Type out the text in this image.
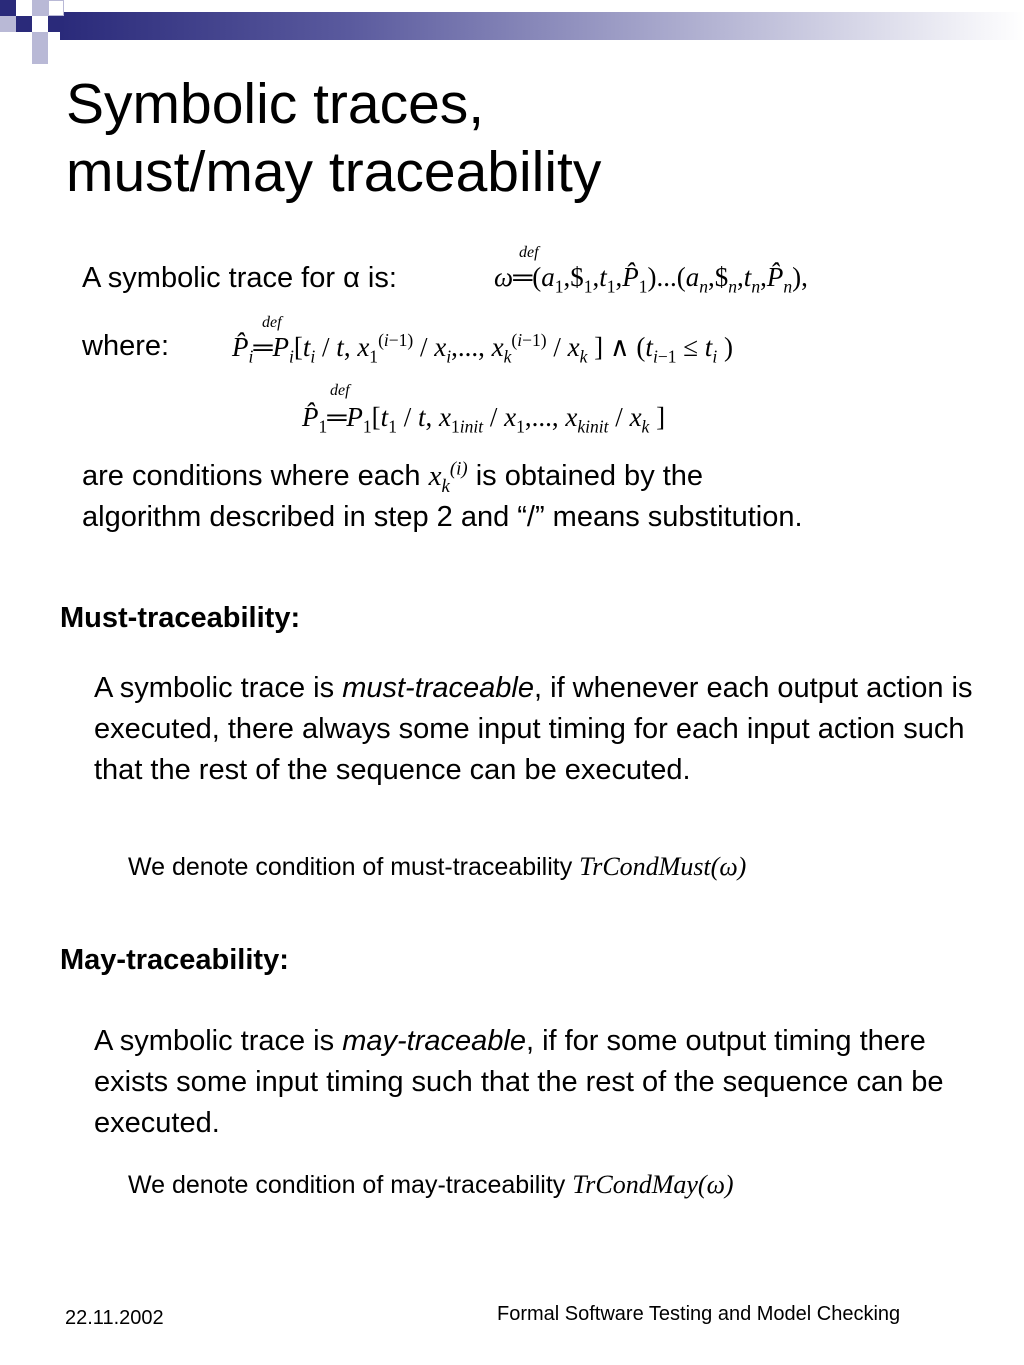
Symbolic traces,
must/may traceability
A symbolic trace for α is:
def
$\omega═(a_1,\$_1,t_1,P̂_1)...(a_n,\$_n,t_n,P̂_n)$,
where:
def
$P̂_i═P_i[t_i$ / t, $x_1^{(i-1)} / x_i$,..., $x_k^{(i-1)} / x_k$ ] ∧ ($t_{i-1} \le t_i$ )
def
$P̂_1═P_1[t_1$ / t, $x_{1init} / x_1$,..., $x_{kinit} / x_k$ ]
are conditions where each $x_k^{(i)}$ is obtained by the
algorithm described in step 2 and “/” means substitution.
Must-traceability:
A symbolic trace is must-traceable, if whenever each output action is executed, there always some input timing for each input action such that the rest of the sequence can be executed.
We denote condition of must-traceability TrCondMust(ω)
May-traceability:
A symbolic trace is may-traceable, if for some output timing there exists some input timing such that the rest of the sequence can be executed.
We denote condition of may-traceability TrCondMay(ω)
22.11.2002	Formal Software Testing and Model Checking
